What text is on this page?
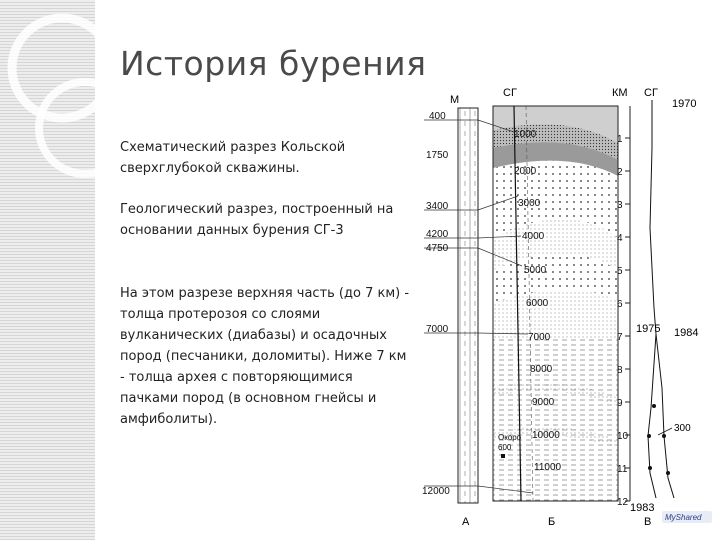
История бурения

Схематический разрез Кольской сверхглубокой скважины.

Геологический разрез, построенный на основании данных бурения СГ-3

На этом разрезе верхняя часть (до 7 км) - толща протерозоя со слоями вулканических (диабазы) и осадочных пород (песчаники, доломиты). Ниже 7 км - толща архея с повторяющимися пачками пород (в основном гнейсы и амфиболиты).

М
400
1750
3400
4200
4750
7000
12000
А
СГ
1000
2000
3000
4000
5000
6000
7000
8000
9000
10000
11000
Окоро
600
Б
КМ СГ
1970
1
2
3
4
5
6
7
8
9
10
11
12
1975 1984
300
1983
В MyShared
